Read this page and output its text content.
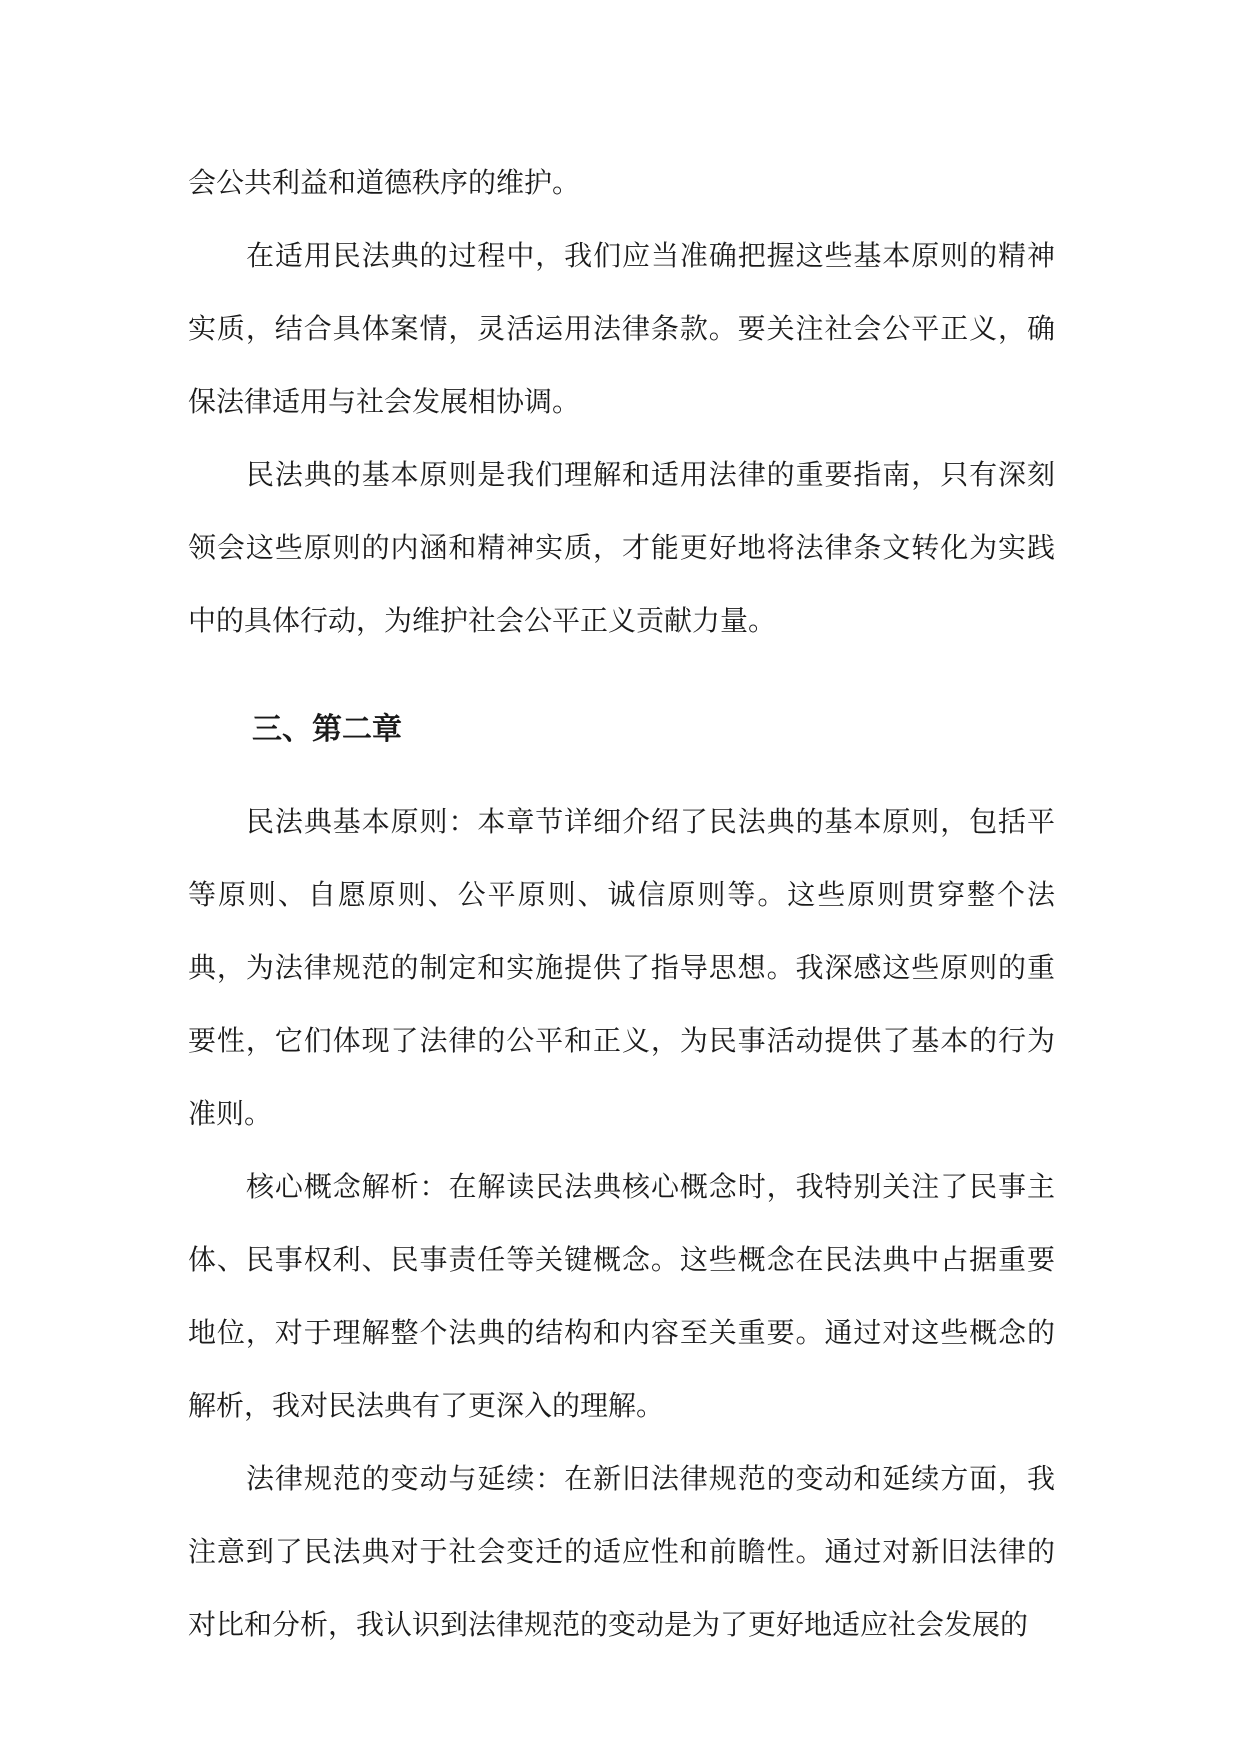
会公共利益和道德秩序的维护。

在适用民法典的过程中，我们应当准确把握这些基本原则的精神实质，结合具体案情，灵活运用法律条款。要关注社会公平正义，确保法律适用与社会发展相协调。

民法典的基本原则是我们理解和适用法律的重要指南，只有深刻领会这些原则的内涵和精神实质，才能更好地将法律条文转化为实践中的具体行动，为维护社会公平正义贡献力量。

三、第二章

民法典基本原则：本章节详细介绍了民法典的基本原则，包括平等原则、自愿原则、公平原则、诚信原则等。这些原则贯穿整个法典，为法律规范的制定和实施提供了指导思想。我深感这些原则的重要性，它们体现了法律的公平和正义，为民事活动提供了基本的行为准则。

核心概念解析：在解读民法典核心概念时，我特别关注了民事主体、民事权利、民事责任等关键概念。这些概念在民法典中占据重要地位，对于理解整个法典的结构和内容至关重要。通过对这些概念的解析，我对民法典有了更深入的理解。

法律规范的变动与延续：在新旧法律规范的变动和延续方面，我注意到了民法典对于社会变迁的适应性和前瞻性。通过对新旧法律的对比和分析，我认识到法律规范的变动是为了更好地适应社会发展的
